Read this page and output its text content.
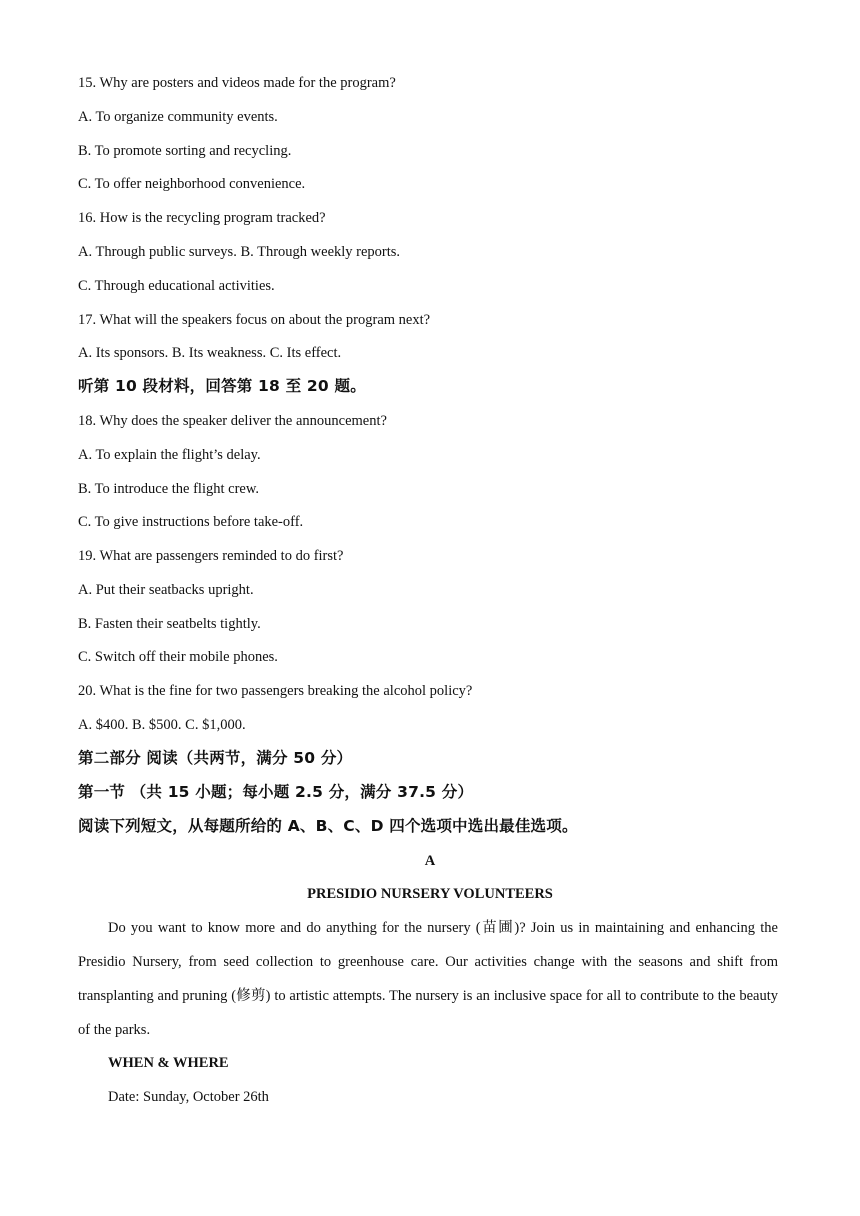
15. Why are posters and videos made for the program?
A. To organize community events.
B. To promote sorting and recycling.
C. To offer neighborhood convenience.
16. How is the recycling program tracked?
A. Through public surveys. B. Through weekly reports.
C. Through educational activities.
17. What will the speakers focus on about the program next?
A. Its sponsors. B. Its weakness. C. Its effect.
听第 10 段材料，回答第 18 至 20 题。
18. Why does the speaker deliver the announcement?
A. To explain the flight’s delay.
B. To introduce the flight crew.
C. To give instructions before take-off.
19. What are passengers reminded to do first?
A. Put their seatbacks upright.
B. Fasten their seatbelts tightly.
C. Switch off their mobile phones.
20. What is the fine for two passengers breaking the alcohol policy?
A. $400. B. $500. C. $1,000.
第二部分 阅读（共两节，满分 50 分）
第一节 （共 15 小题；每小题 2.5 分，满分 37.5 分）
阅读下列短文，从每题所给的 A、B、C、D 四个选项中选出最佳选项。
A
PRESIDIO NURSERY VOLUNTEERS
Do you want to know more and do anything for the nursery (苗圃)? Join us in maintaining and enhancing the Presidio Nursery, from seed collection to greenhouse care. Our activities change with the seasons and shift from transplanting and pruning (修剪) to artistic attempts. The nursery is an inclusive space for all to contribute to the beauty of the parks.
WHEN & WHERE
Date: Sunday, October 26th
